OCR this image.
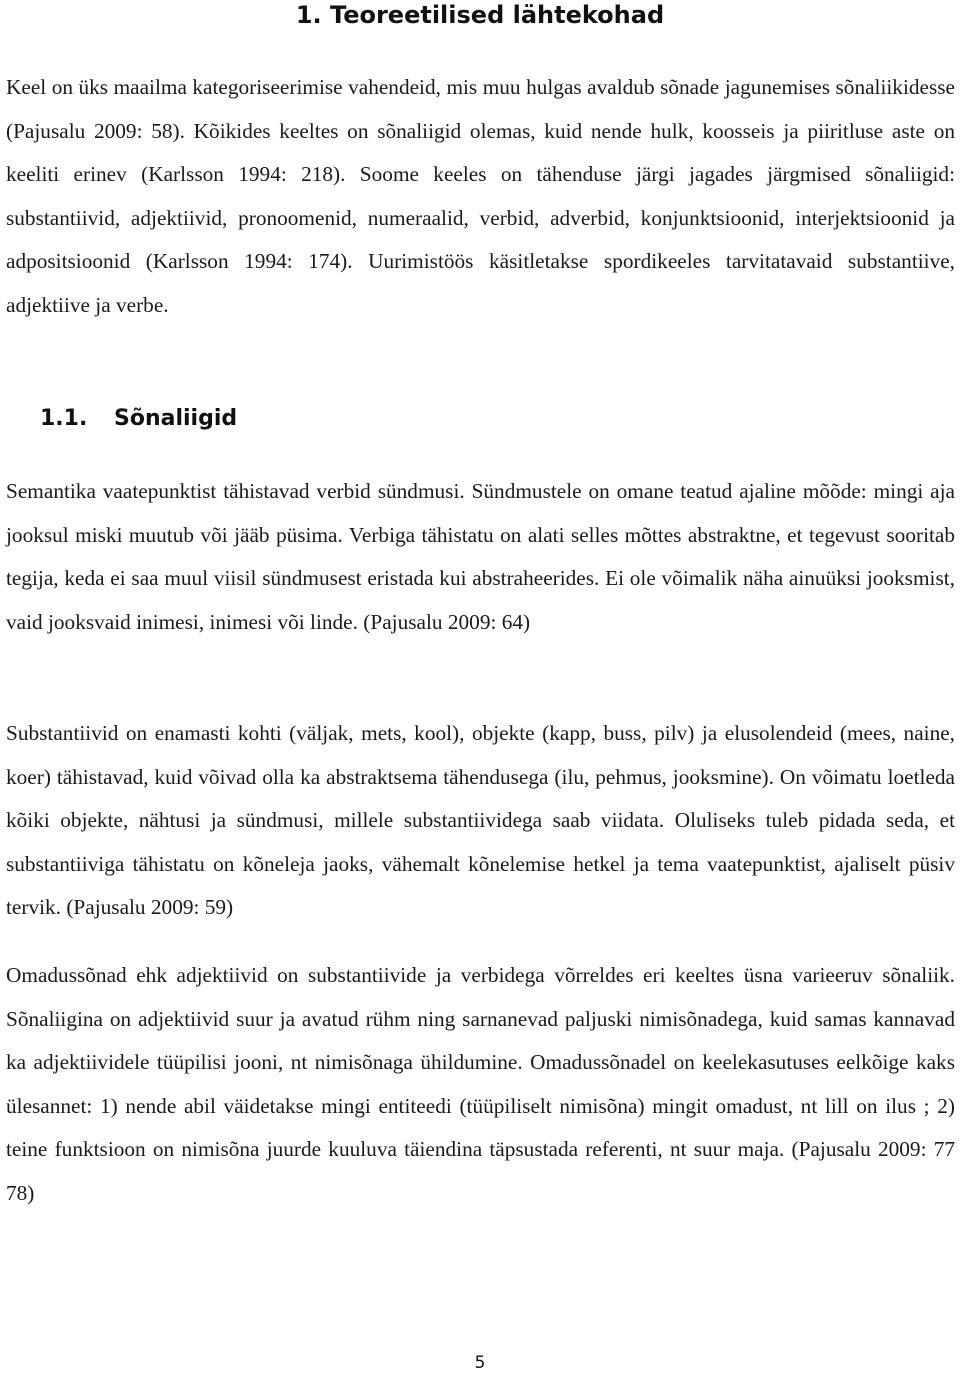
1. Teoreetilised lähtekohad

Keel on üks maailma kategoriseerimise vahendeid, mis muu hulgas avaldub sõnade jagunemises sõnaliikidesse (Pajusalu 2009: 58). Kõikides keeltes on sõnaliigid olemas, kuid nende hulk, koosseis ja piiritluse aste on keeliti erinev (Karlsson 1994: 218). Soome keeles on tähenduse järgi jagades järgmised sõnaliigid: substantiivid, adjektiivid, pronoomenid, numeraalid, verbid, adverbid, konjunktsioonid, interjektsioonid ja adpositsioonid (Karlsson 1994: 174). Uurimistöös käsitletakse spordikeeles tarvitatavaid substantiive, adjektiive ja verbe.

1.1. Sõnaliigid

Semantika vaatepunktist tähistavad verbid sündmusi. Sündmustele on omane teatud ajaline mõõde: mingi aja jooksul miski muutub või jääb püsima. Verbiga tähistatu on alati selles mõttes abstraktne, et tegevust sooritab tegija, keda ei saa muul viisil sündmusest eristada kui abstraheerides. Ei ole võimalik näha ainuüksi jooksmist, vaid jooksvaid inimesi, inimesi või linde. (Pajusalu 2009: 64)

Substantiivid on enamasti kohti (väljak, mets, kool), objekte (kapp, buss, pilv) ja elusolendeid (mees, naine, koer) tähistavad, kuid võivad olla ka abstraktsema tähendusega (ilu, pehmus, jooksmine). On võimatu loetleda kõiki objekte, nähtusi ja sündmusi, millele substantiividega saab viidata. Oluliseks tuleb pidada seda, et substantiiviga tähistatu on kõneleja jaoks, vähemalt kõnelemise hetkel ja tema vaatepunktist, ajaliselt püsiv tervik. (Pajusalu 2009: 59)

Omadussõnad ehk adjektiivid on substantiivide ja verbidega võrreldes eri keeltes üsna varieeruv sõnaliik. Sõnaliigina on adjektiivid suur ja avatud rühm ning sarnanevad paljuski nimisõnadega, kuid samas kannavad ka adjektiividele tüüpilisi jooni, nt nimisõnaga ühildumine. Omadussõnadel on keelekasutuses eelkõige kaks ülesannet: 1) nende abil väidetakse mingi entiteedi (tüüpiliselt nimisõna) mingit omadust, nt lill on ilus ; 2) teine funktsioon on nimisõna juurde kuuluva täiendina täpsustada referenti, nt suur maja. (Pajusalu 2009: 77 78)

5
